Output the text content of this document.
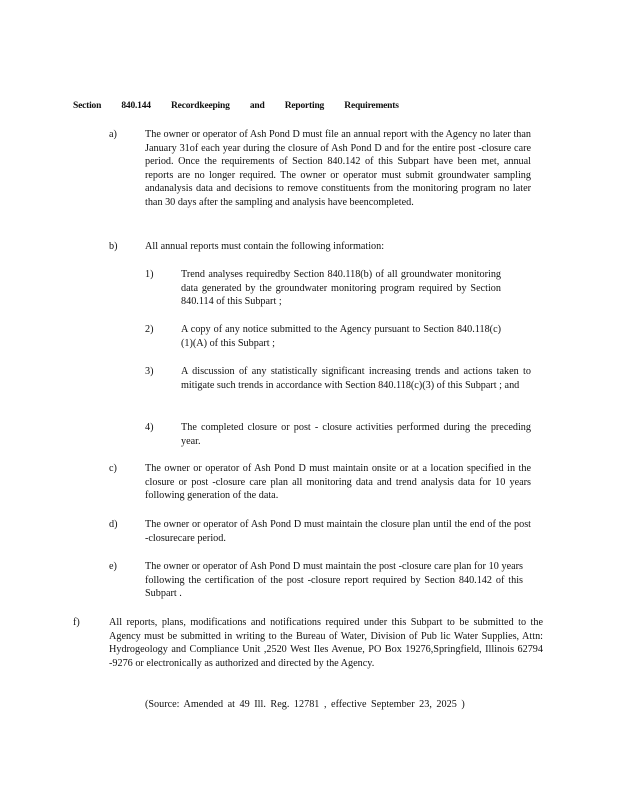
Section 840.144 Recordkeeping and Reporting Requirements
a)	The owner or operator of Ash Pond D must file an annual report with the Agency no later than January 31of each year during the closure of Ash Pond D and for the entire post -closure care period. Once the requirements of Section 840.142 of this Subpart have been met, annual reports are no longer required. The owner or operator must submit groundwater sampling andanalysis data and decisions to remove constituents from the monitoring program no later than 30 days after the sampling and analysis have beencompleted.
b)	All annual reports must contain the following information:
1)	Trend analyses requiredby Section 840.118(b) of all groundwater monitoring data generated by the groundwater monitoring program required by Section 840.114 of this Subpart ;
2)	A copy of any notice submitted to the Agency pursuant to Section 840.118(c)(1)(A) of this Subpart ;
3)	A discussion of any statistically significant increasing trends and actions taken to mitigate such trends in accordance with Section 840.118(c)(3) of this Subpart ; and
4)	The completed closure or post - closure activities performed during the preceding year.
c)	The owner or operator of Ash Pond D must maintain onsite or at a location specified in the closure or post -closure care plan all monitoring data and trend analysis data for 10 years following generation of the data.
d)	The owner or operator of Ash Pond D must maintain the closure plan until the end of the post -closurecare period.
e)	The owner or operator of Ash Pond D must maintain the post -closure care plan for 10 years following the certification of the post -closure report required by Section 840.142 of this Subpart .
f)	All reports, plans, modifications and notifications required under this Subpart to be submitted to the Agency must be submitted in writing to the Bureau of Water, Division of Pub lic Water Supplies, Attn: Hydrogeology and Compliance Unit ,2520 West Iles Avenue, PO Box 19276,Springfield, Illinois 62794 -9276 or electronically as authorized and directed by the Agency.
(Source: Amended at 49 Ill. Reg. 12781 , effective September 23, 2025 )
